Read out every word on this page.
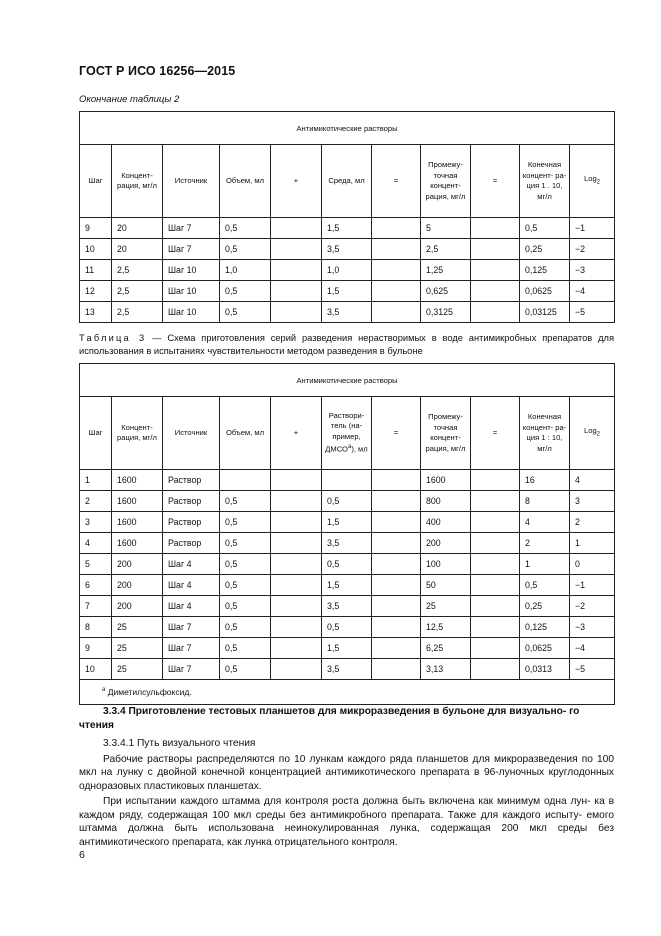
ГОСТ Р ИСО 16256—2015
Окончание таблицы 2
Антимикотические растворы										
Шаг	Концент- рация, мг/л	Источник	Объем, мл	+	Среда, мл	=	Промежу- точная концент- рация, мг/л	=	Конечная концент- ра- ция 1 . 10, мг/л	Log$_2$
9	20	Шаг 7	0,5		1,5		5		0,5	−1
10	20	Шаг 7	0,5		3,5		2,5		0,25	−2
11	2,5	Шаг 10	1,0		1,0		1,25		0,125	−3
12	2,5	Шаг 10	0,5		1,5		0,625		0,0625	−4
13	2,5	Шаг 10	0,5		3,5		0,3125		0,03125	−5
Таблица 3 — Схема приготовления серий разведения нерастворимых в воде антимикробных препаратов для использования в испытаниях чувствительности методом разведения в бульоне
Антимикотические растворы										
Шаг	Концент- рация, мг/л	Источник	Объем, мл	+	Раствори- тель (на- пример, ДМСО$^a$), мл	=	Промежу- точная концент- рация, мг/л	=	Конечная концент- ра- ция 1 : 10, мг/л	Log$_2$
1	1600	Раствор					1600		16	4
2	1600	Раствор	0,5		0,5		800		8	3
3	1600	Раствор	0,5		1,5		400		4	2
4	1600	Раствор	0,5		3,5		200		2	1
5	200	Шаг 4	0,5		0,5		100		1	0
6	200	Шаг 4	0,5		1,5		50		0,5	−1
7	200	Шаг 4	0,5		3,5		25		0,25	−2
8	25	Шаг 7	0,5		0,5		12,5		0,125	−3
9	25	Шаг 7	0,5		1,5		6,25		0,0625	−4
10	25	Шаг 7	0,5		3,5		3,13		0,0313	−5
$^a$ Диметилсульфоксид.										
3.3.4 Приготовление тестовых планшетов для микроразведения в бульоне для визуально- го чтения
3.3.4.1 Путь визуального чтения
Рабочие растворы распределяются по 10 лункам каждого ряда планшетов для микроразведения по 100 мкл на лунку с двойной конечной концентрацией антимикотического препарата в 96-луночных круглодонных одноразовых пластиковых планшетах.
При испытании каждого штамма для контроля роста должна быть включена как минимум одна лун- ка в каждом ряду, содержащая 100 мкл среды без антимикробного препарата. Также для каждого испыту- емого штамма должна быть использована неинокулированная лунка, содержащая 200 мкл среды без антимикотического препарата, как лунка отрицательного контроля.
6
